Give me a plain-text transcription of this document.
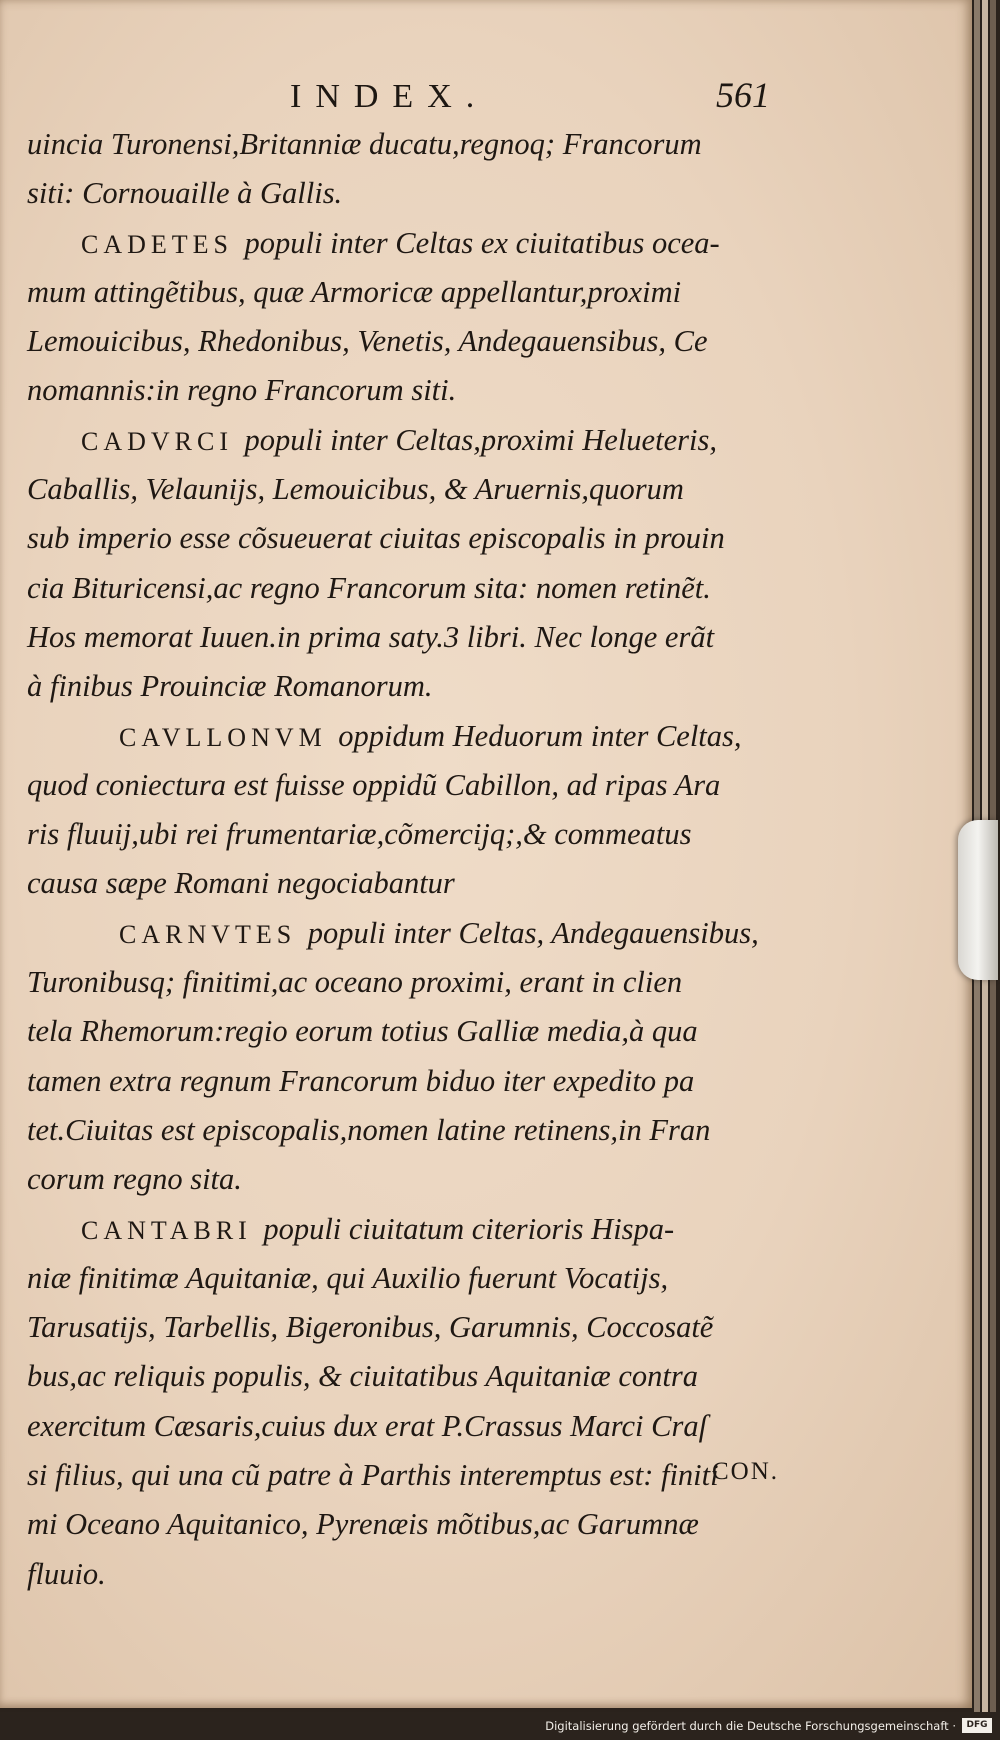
INDEX.	561
uincia Turonensi,Britanniæ ducatu,regnoq; Francorum
siti: Cornouaille à Gallis.
CADETES populi inter Celtas ex ciuitatibus ocea-
mum attingẽtibus, quæ Armoricæ appellantur,proximi
Lemouicibus, Rhedonibus, Venetis, Andegauensibus, Ce
nomannis:in regno Francorum siti.
CADVRCI populi inter Celtas,proximi Helueteris,
Caballis, Velaunijs, Lemouicibus, & Aruernis,quorum
sub imperio esse cõsueuerat ciuitas episcopalis in prouin
cia Bituricensi,ac regno Francorum sita: nomen retinẽt.
Hos memorat Iuuen.in prima saty.3 libri. Nec longe erãt
à finibus Prouinciæ Romanorum.
CAVLLONVM oppidum Heduorum inter Celtas,
quod coniectura est fuisse oppidũ Cabillon, ad ripas Ara
ris fluuij,ubi rei frumentariæ,cõmercijq;,& commeatus
causa sæpe Romani negociabantur
CARNVTES populi inter Celtas, Andegauensibus,
Turonibusq; finitimi,ac oceano proximi, erant in clien
tela Rhemorum:regio eorum totius Galliæ media,à qua
tamen extra regnum Francorum biduo iter expedito pa
tet.Ciuitas est episcopalis,nomen latine retinens,in Fran
corum regno sita.
CANTABRI populi ciuitatum citerioris Hispa-
niæ finitimæ Aquitaniæ, qui Auxilio fuerunt Vocatijs,
Tarusatijs, Tarbellis, Bigeronibus, Garumnis, Coccosatẽ
bus,ac reliquis populis, & ciuitatibus Aquitaniæ contra
exercitum Cæsaris,cuius dux erat P.Crassus Marci Craſ
si filius, qui una cũ patre à Parthis interemptus est: finiti
mi Oceano Aquitanico, Pyrenæis mõtibus,ac Garumnæ
fluuio.
CON.
Digitalisierung gefördert durch die Deutsche Forschungsgemeinschaft ·	DFG
